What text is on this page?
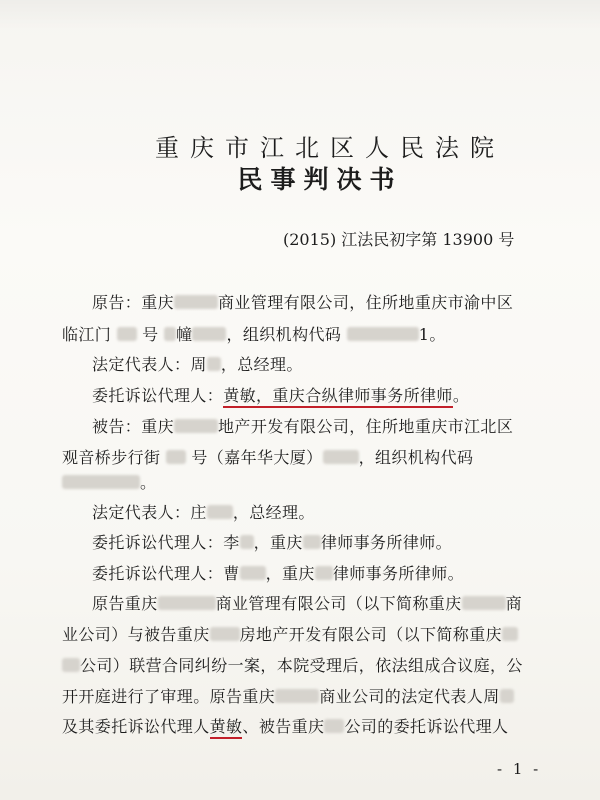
重庆市江北区人民法院
民事判决书
(2015) 江法民初字第 13900 号
原告：重庆	商业管理有限公司，住所地重庆市渝中区
临江门  号 幢 ，组织机构代码	1。
法定代表人：周 ，总经理。
委托诉讼代理人：黄敏，重庆合纵律师事务所律师。
被告：重庆	地产开发有限公司，住所地重庆市江北区
观音桥步行街  号（嘉年华大厦） ，组织机构代码
。
法定代表人：庄 ，总经理。
委托诉讼代理人：李 ，重庆 律师事务所律师。
委托诉讼代理人：曹 ，重庆 律师事务所律师。
原告重庆	商业管理有限公司（以下简称重庆	商
业公司）与被告重庆 房地产开发有限公司（以下简称重庆
公司）联营合同纠纷一案，本院受理后，依法组成合议庭，公
开开庭进行了审理。原告重庆	商业公司的法定代表人周
及其委托诉讼代理人黄敏、被告重庆 公司的委托诉讼代理人
- 1 -
